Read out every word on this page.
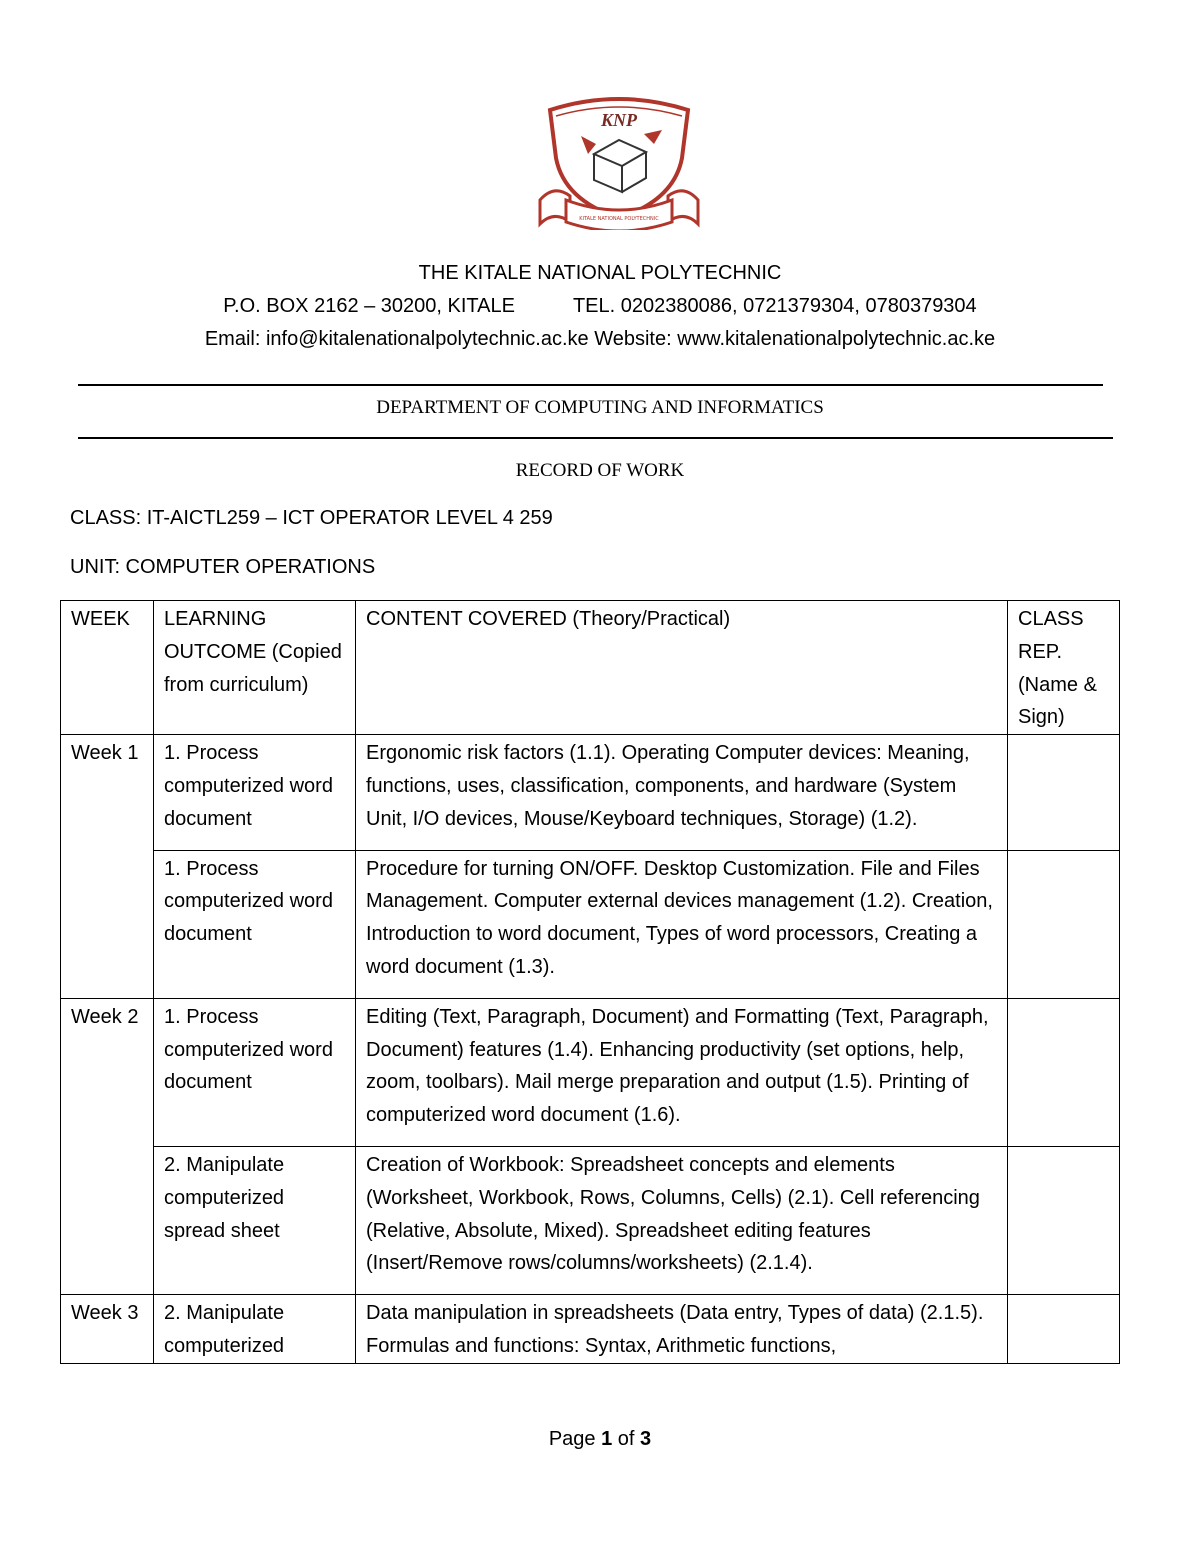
KNP
KITALE NATIONAL POLYTECHNIC
THE KITALE NATIONAL POLYTECHNIC
P.O. BOX 2162 – 30200, KITALE	TEL. 0202380086, 0721379304, 0780379304
Email: info@kitalenationalpolytechnic.ac.ke Website: www.kitalenationalpolytechnic.ac.ke
DEPARTMENT OF COMPUTING AND INFORMATICS
RECORD OF WORK
CLASS: IT-AICTL259 – ICT OPERATOR LEVEL 4 259
UNIT: COMPUTER OPERATIONS
WEEK	LEARNING OUTCOME (Copied from curriculum)	CONTENT COVERED (Theory/Practical)	CLASS REP. (Name & Sign)
Week 1	1. Process computerized word document	Ergonomic risk factors (1.1). Operating Computer devices: Meaning, functions, uses, classification, components, and hardware (System Unit, I/O devices, Mouse/Keyboard techniques, Storage) (1.2).	
	1. Process computerized word document	Procedure for turning ON/OFF. Desktop Customization. File and Files Management. Computer external devices management (1.2). Creation, Introduction to word document, Types of word processors, Creating a word document (1.3).	
Week 2	1. Process computerized word document	Editing (Text, Paragraph, Document) and Formatting (Text, Paragraph, Document) features (1.4). Enhancing productivity (set options, help, zoom, toolbars). Mail merge preparation and output (1.5). Printing of computerized word document (1.6).	
	2. Manipulate computerized spread sheet	Creation of Workbook: Spreadsheet concepts and elements (Worksheet, Workbook, Rows, Columns, Cells) (2.1). Cell referencing (Relative, Absolute, Mixed). Spreadsheet editing features (Insert/Remove rows/columns/worksheets) (2.1.4).	
Week 3	2. Manipulate computerized	Data manipulation in spreadsheets (Data entry, Types of data) (2.1.5). Formulas and functions: Syntax, Arithmetic functions,	
Page 1 of 3
